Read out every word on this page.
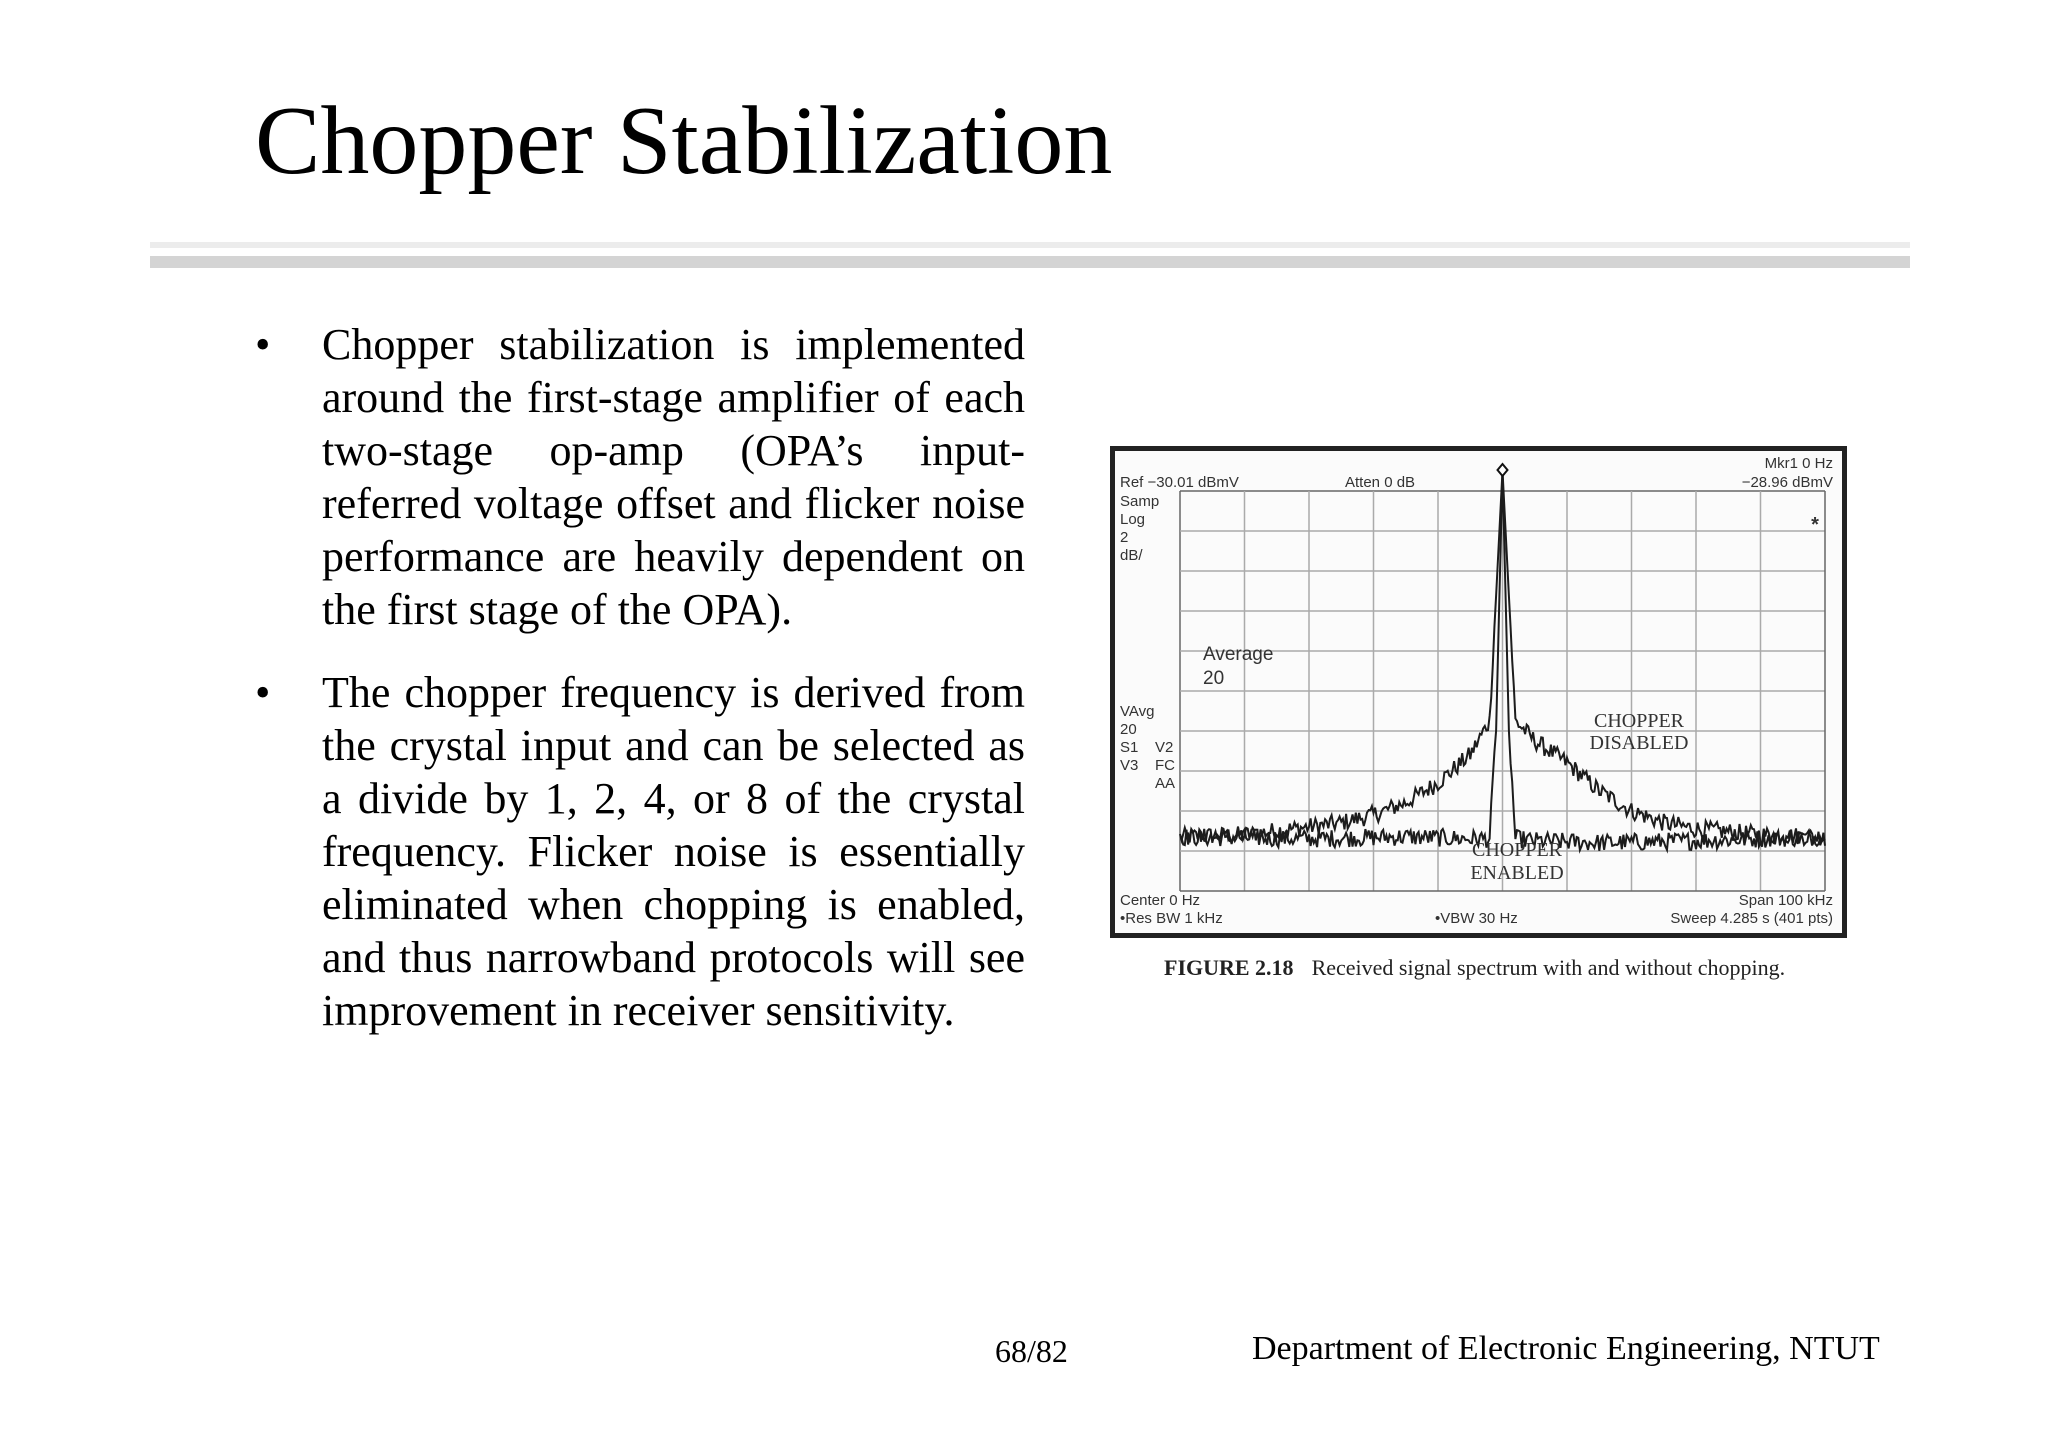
Chopper Stabilization
• Chopper stabilization is implemented around the first-stage amplifier of each two-stage op-amp (OPA’s input-referred voltage offset and flicker noise performance are heavily dependent on the first stage of the OPA).
• The chopper frequency is derived from the crystal input and can be selected as a divide by 1, 2, 4, or 8 of the crystal frequency. Flicker noise is essentially eliminated when chopping is enabled, and thus narrowband protocols will see improvement in receiver sensitivity.
Ref −30.01 dBmV	Atten 0 dB
Mkr1 0 Hz
−28.96 dBmV
Samp
Log
2
dB/
VAvg
20
S1
V3
V2
FC
AA
Average
20
*
CHOPPER
DISABLED
CHOPPER
ENABLED
Center 0 Hz
•Res BW 1 kHz	•VBW 30 Hz
Span 100 kHz
Sweep 4.285 s (401 pts)
FIGURE 2.18 Received signal spectrum with and without chopping.
68/82	Department of Electronic Engineering, NTUT
